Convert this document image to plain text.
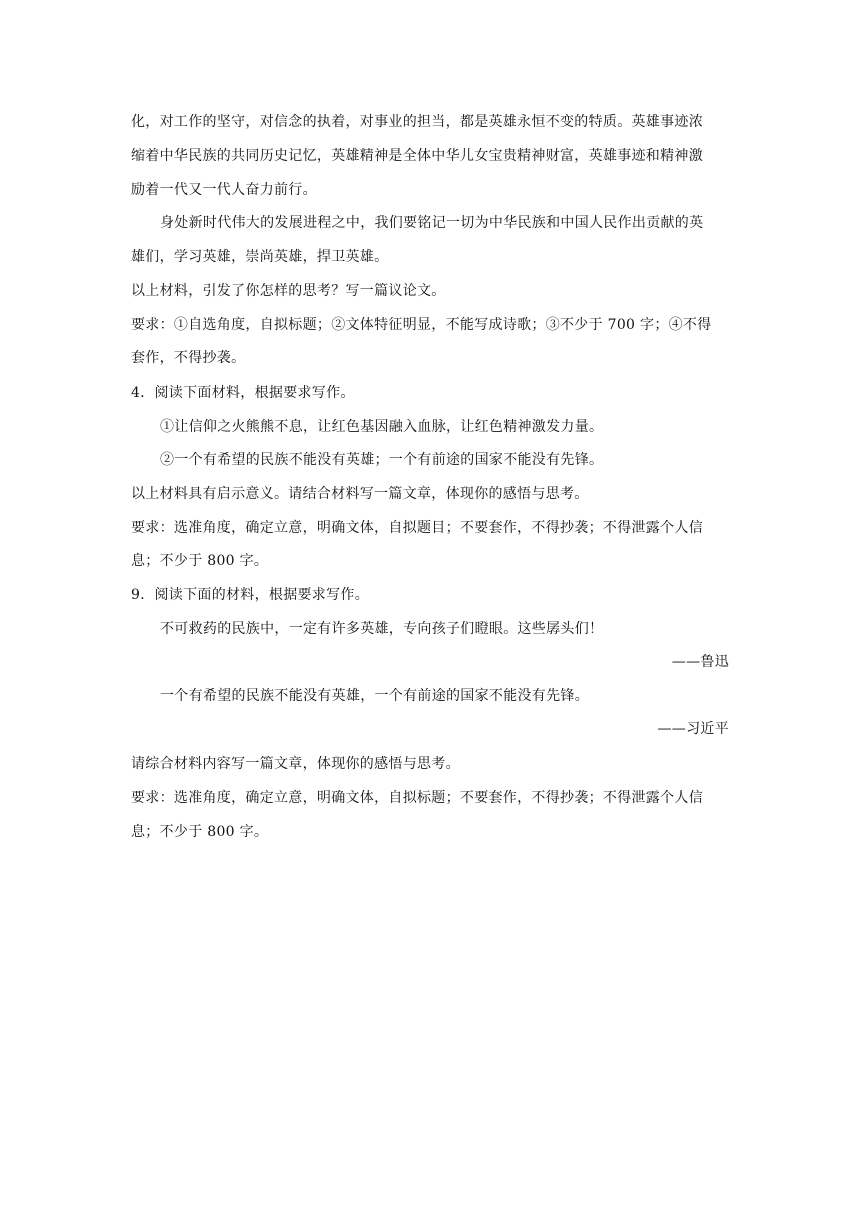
化，对工作的坚守，对信念的执着，对事业的担当，都是英雄永恒不变的特质。英雄事迹浓
缩着中华民族的共同历史记忆，英雄精神是全体中华儿女宝贵精神财富，英雄事迹和精神激
励着一代又一代人奋力前行。
身处新时代伟大的发展进程之中，我们要铭记一切为中华民族和中国人民作出贡献的英
雄们，学习英雄，崇尚英雄，捍卫英雄。
以上材料，引发了你怎样的思考？写一篇议论文。
要求：①自选角度，自拟标题；②文体特征明显，不能写成诗歌；③不少于 700 字；④不得
套作，不得抄袭。
4．阅读下面材料，根据要求写作。
①让信仰之火熊熊不息，让红色基因融入血脉，让红色精神激发力量。
②一个有希望的民族不能没有英雄；一个有前途的国家不能没有先锋。
以上材料具有启示意义。请结合材料写一篇文章，体现你的感悟与思考。
要求：选准角度，确定立意，明确文体，自拟题目；不要套作，不得抄袭；不得泄露个人信
息；不少于 800 字。
9．阅读下面的材料，根据要求写作。
不可救药的民族中，一定有许多英雄，专向孩子们瞪眼。这些孱头们！
——鲁迅
一个有希望的民族不能没有英雄，一个有前途的国家不能没有先锋。
——习近平
请综合材料内容写一篇文章，体现你的感悟与思考。
要求：选准角度，确定立意，明确文体，自拟标题；不要套作，不得抄袭；不得泄露个人信
息；不少于 800 字。
